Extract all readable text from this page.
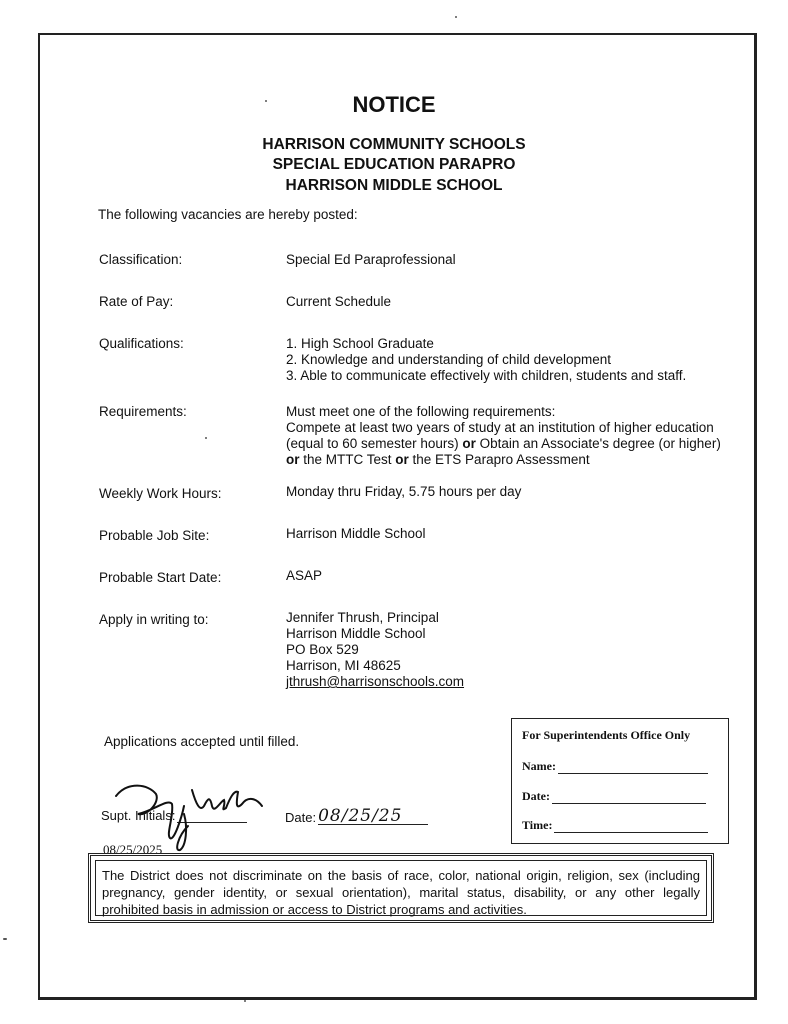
NOTICE
HARRISON COMMUNITY SCHOOLS
SPECIAL EDUCATION PARAPRO
HARRISON MIDDLE SCHOOL
The following vacancies are hereby posted:
Classification:	Special Ed Paraprofessional
Rate of Pay:	Current Schedule
Qualifications:	1. High School Graduate
2. Knowledge and understanding of child development
3. Able to communicate effectively with children, students and staff.
Requirements:	Must meet one of the following requirements:
Compete at least two years of study at an institution of higher education
(equal to 60 semester hours) or Obtain an Associate's degree (or higher)
or the MTTC Test or the ETS Parapro Assessment
Weekly Work Hours:	Monday thru Friday, 5.75 hours per day
Probable Job Site:	Harrison Middle School
Probable Start Date:	ASAP
Apply in writing to:	Jennifer Thrush, Principal
Harrison Middle School
PO Box 529
Harrison, MI 48625
jthrush@harrisonschools.com
Applications accepted until filled.	For Superintendents Office Only
Name:
Date:
Time:
Supt. Initials:	Date: 08/25/25
08/25/2025
The District does not discriminate on the basis of race, color, national origin, religion, sex (including pregnancy, gender identity, or sexual orientation), marital status, disability, or any other legally prohibited basis in admission or access to District programs and activities.
